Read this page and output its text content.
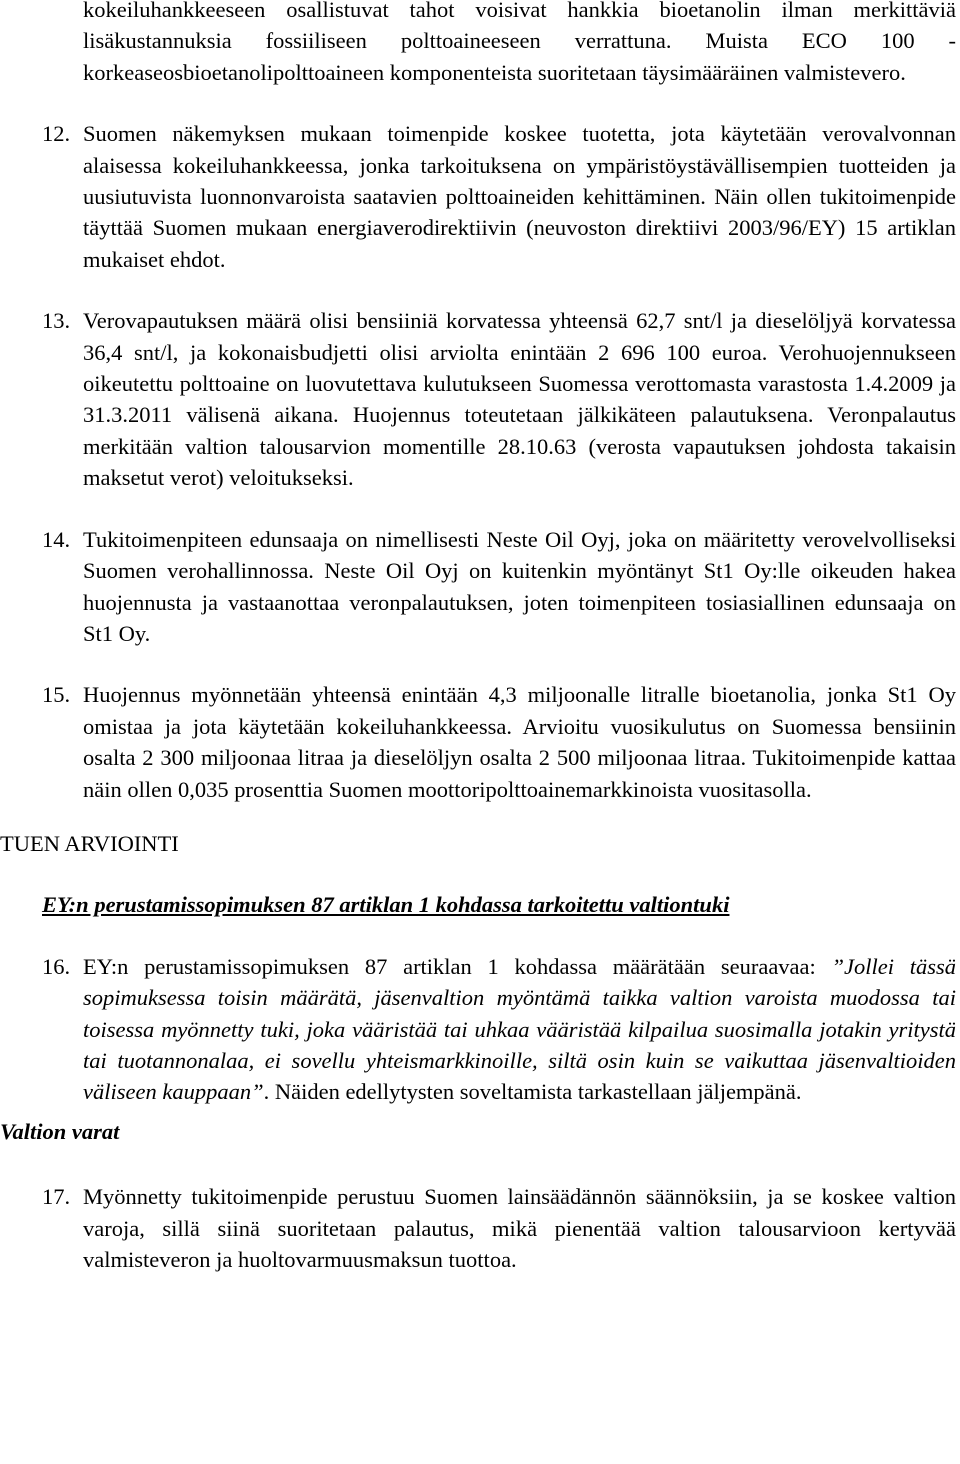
kokeiluhankkeeseen osallistuvat tahot voisivat hankkia bioetanolin ilman merkittäviä lisäkustannuksia fossiiliseen polttoaineeseen verrattuna. Muista ECO 100 -korkeaseosbioetanolipolttoaineen komponenteista suoritetaan täysimääräinen valmistevero.

12. Suomen näkemyksen mukaan toimenpide koskee tuotetta, jota käytetään verovalvonnan alaisessa kokeiluhankkeessa, jonka tarkoituksena on ympäristöystävällisempien tuotteiden ja uusiutuvista luonnonvaroista saatavien polttoaineiden kehittäminen. Näin ollen tukitoimenpide täyttää Suomen mukaan energiaverodirektiivin (neuvoston direktiivi 2003/96/EY) 15 artiklan mukaiset ehdot.

13. Verovapautuksen määrä olisi bensiiniä korvatessa yhteensä 62,7 snt/l ja dieselöljyä korvatessa 36,4 snt/l, ja kokonaisbudjetti olisi arviolta enintään 2 696 100 euroa. Verohuojennukseen oikeutettu polttoaine on luovutettava kulutukseen Suomessa verottomasta varastosta 1.4.2009 ja 31.3.2011 välisenä aikana. Huojennus toteutetaan jälkikäteen palautuksena. Veronpalautus merkitään valtion talousarvion momentille 28.10.63 (verosta vapautuksen johdosta takaisin maksetut verot) veloitukseksi.

14. Tukitoimenpiteen edunsaaja on nimellisesti Neste Oil Oyj, joka on määritetty verovelvolliseksi Suomen verohallinnossa. Neste Oil Oyj on kuitenkin myöntänyt St1 Oy:lle oikeuden hakea huojennusta ja vastaanottaa veronpalautuksen, joten toimenpiteen tosiasiallinen edunsaaja on St1 Oy.

15. Huojennus myönnetään yhteensä enintään 4,3 miljoonalle litralle bioetanolia, jonka St1 Oy omistaa ja jota käytetään kokeiluhankkeessa. Arvioitu vuosikulutus on Suomessa bensiinin osalta 2 300 miljoonaa litraa ja dieselöljyn osalta 2 500 miljoonaa litraa. Tukitoimenpide kattaa näin ollen 0,035 prosenttia Suomen moottoripolttoainemarkkinoista vuositasolla.

TUEN ARVIOINTI
EY:n perustamissopimuksen 87 artiklan 1 kohdassa tarkoitettu valtiontuki

16. EY:n perustamissopimuksen 87 artiklan 1 kohdassa määrätään seuraavaa: ”Jollei tässä sopimuksessa toisin määrätä, jäsenvaltion myöntämä taikka valtion varoista muodossa tai toisessa myönnetty tuki, joka vääristää tai uhkaa vääristää kilpailua suosimalla jotakin yritystä tai tuotannonalaa, ei sovellu yhteismarkkinoille, siltä osin kuin se vaikuttaa jäsenvaltioiden väliseen kauppaan”. Näiden edellytysten soveltamista tarkastellaan jäljempänä.

Valtion varat

17. Myönnetty tukitoimenpide perustuu Suomen lainsäädännön säännöksiin, ja se koskee valtion varoja, sillä siinä suoritetaan palautus, mikä pienentää valtion talousarvioon kertyvää valmisteveron ja huoltovarmuusmaksun tuottoa.
